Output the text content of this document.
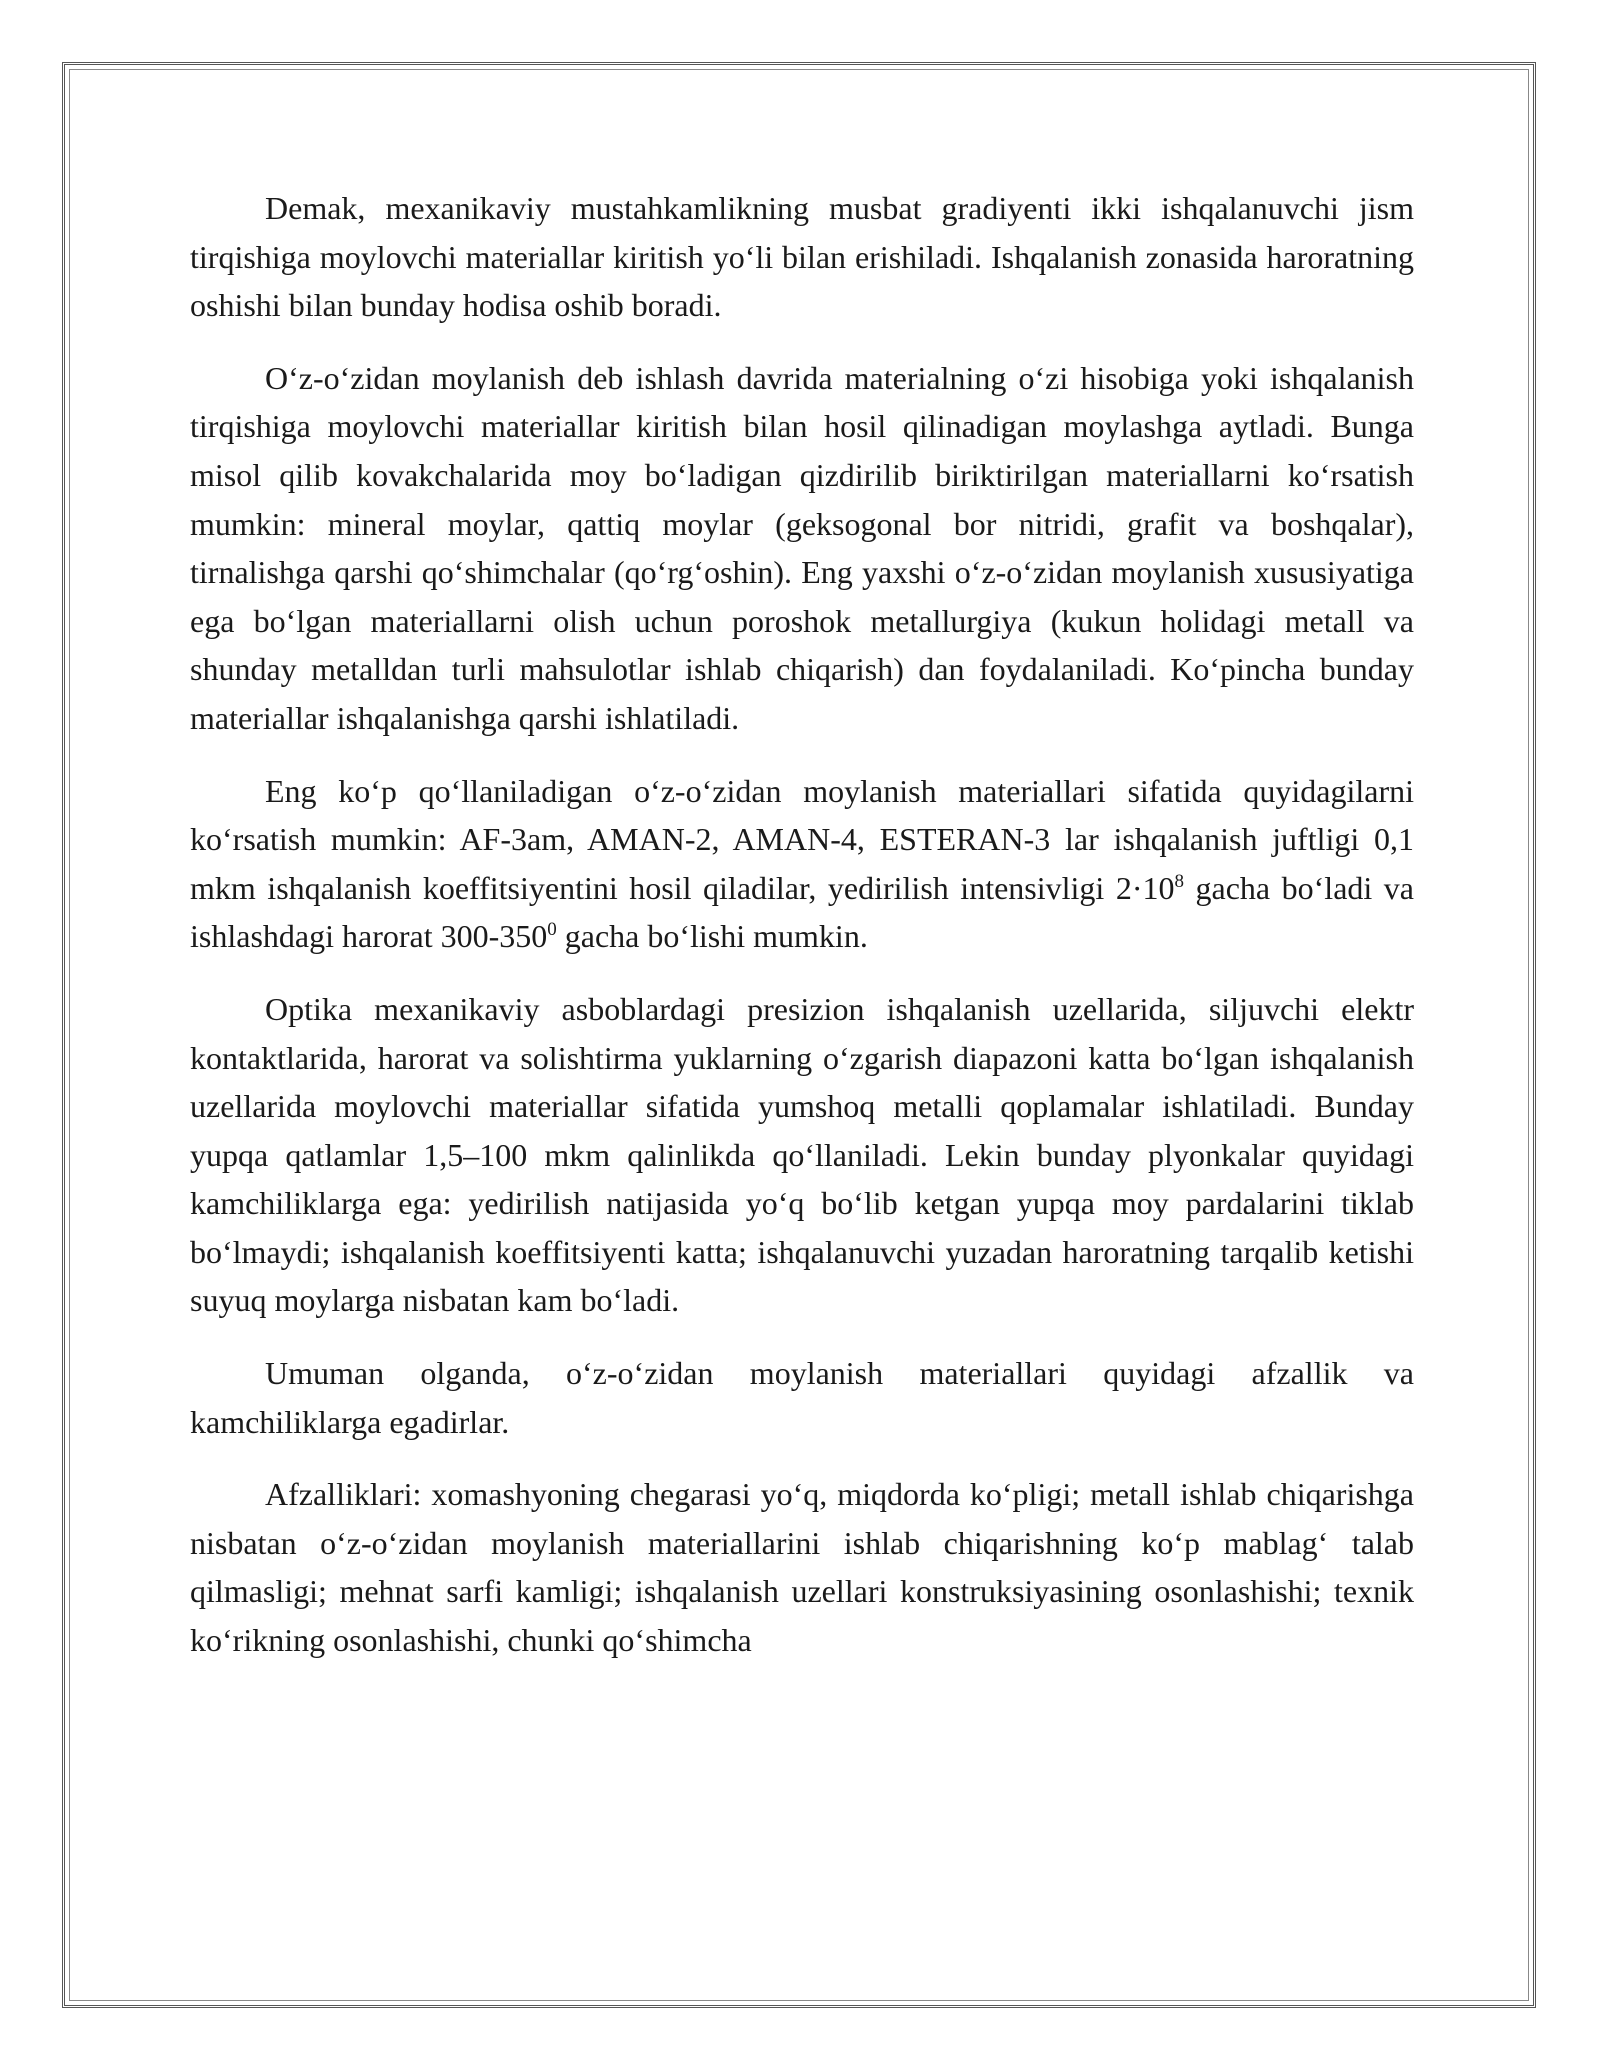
Demak, mexanikaviy mustahkamlikning musbat gradiyenti ikki ishqalanuvchi jism tirqishiga moylovchi materiallar kiritish yo‘li bilan erishiladi. Ishqalanish zonasida haroratning oshishi bilan bunday hodisa oshib boradi.

O‘z-o‘zidan moylanish deb ishlash davrida materialning o‘zi hisobiga yoki ishqalanish tirqishiga moylovchi materiallar kiritish bilan hosil qilinadigan moylashga aytladi. Bunga misol qilib kovakchalarida moy bo‘ladigan qizdirilib biriktirilgan materiallarni ko‘rsatish mumkin: mineral moylar, qattiq moylar (geksogonal bor nitridi, grafit va boshqalar), tirnalishga qarshi qo‘shimchalar (qo‘rg‘oshin). Eng yaxshi o‘z-o‘zidan moylanish xususiyatiga ega bo‘lgan materiallarni olish uchun poroshok metallurgiya (kukun holidagi metall va shunday metalldan turli mahsulotlar ishlab chiqarish) dan foydalaniladi. Ko‘pincha bunday materiallar ishqalanishga qarshi ishlatiladi.

Eng ko‘p qo‘llaniladigan o‘z-o‘zidan moylanish materiallari sifatida quyidagilarni ko‘rsatish mumkin: AF-3am, AMAN-2, AMAN-4, ESTERAN-3 lar ishqalanish juftligi 0,1 mkm ishqalanish koeffitsiyentini hosil qiladilar, yedirilish intensivligi $2\cdot 10^8$ gacha bo‘ladi va ishlashdagi harorat $300-350^0$ gacha bo‘lishi mumkin.

Optika mexanikaviy asboblardagi presizion ishqalanish uzellarida, siljuvchi elektr kontaktlarida, harorat va solishtirma yuklarning o‘zgarish diapazoni katta bo‘lgan ishqalanish uzellarida moylovchi materiallar sifatida yumshoq metalli qoplamalar ishlatiladi. Bunday yupqa qatlamlar 1,5–100 mkm qalinlikda qo‘llaniladi. Lekin bunday plyonkalar quyidagi kamchiliklarga ega: yedirilish natijasida yo‘q bo‘lib ketgan yupqa moy pardalarini tiklab bo‘lmaydi; ishqalanish koeffitsiyenti katta; ishqalanuvchi yuzadan haroratning tarqalib ketishi suyuq moylarga nisbatan kam bo‘ladi.

Umuman olganda, o‘z-o‘zidan moylanish materiallari quyidagi afzallik va kamchiliklarga egadirlar.

Afzalliklari: xomashyoning chegarasi yo‘q, miqdorda ko‘pligi; metall ishlab chiqarishga nisbatan o‘z-o‘zidan moylanish materiallarini ishlab chiqarishning ko‘p mablag‘ talab qilmasligi; mehnat sarfi kamligi; ishqalanish uzellari konstruksiyasining osonlashishi; texnik ko‘rikning osonlashishi, chunki qo‘shimcha
